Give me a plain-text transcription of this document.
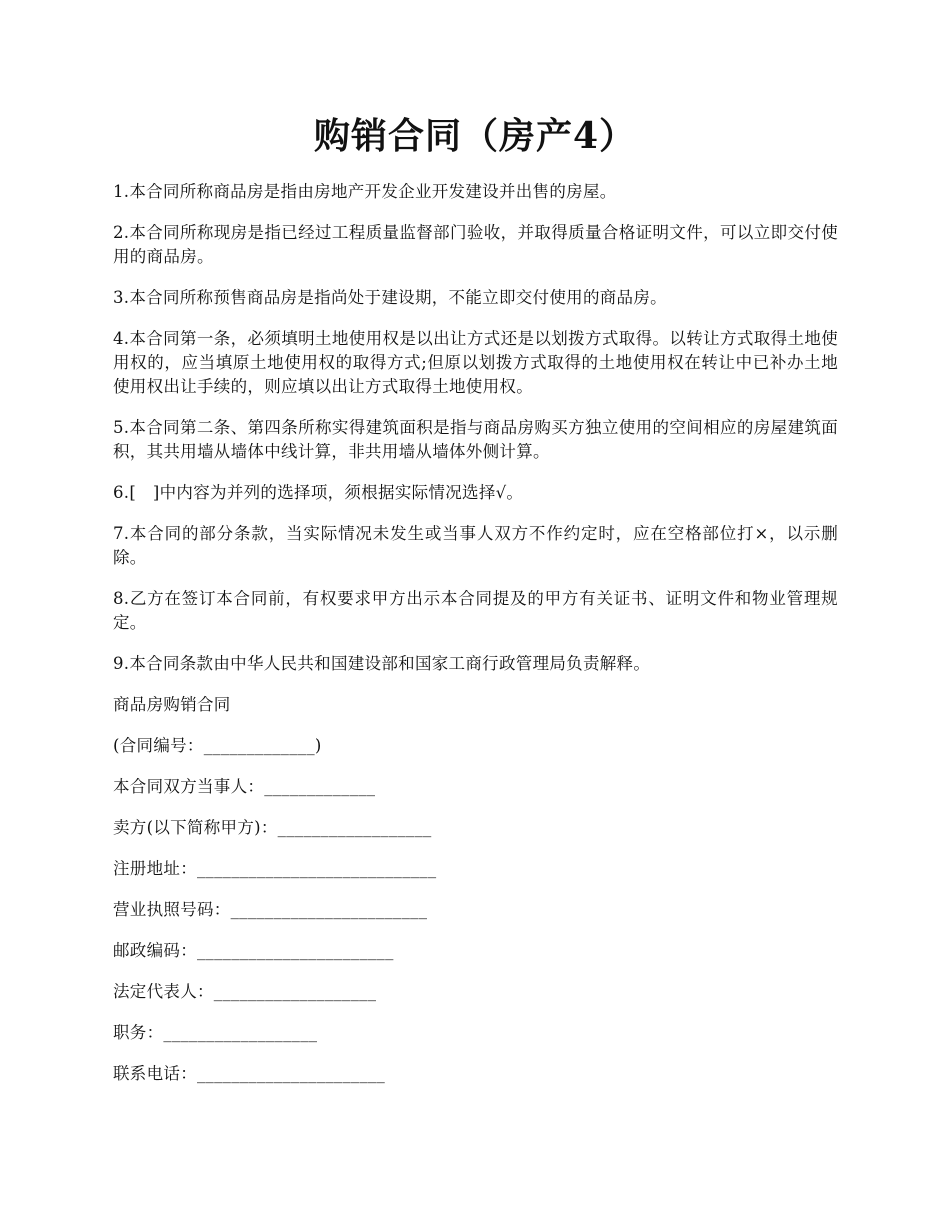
购销合同（房产4）

1.本合同所称商品房是指由房地产开发企业开发建设并出售的房屋。

2.本合同所称现房是指已经过工程质量监督部门验收，并取得质量合格证明文件，可以立即交付使用的商品房。

3.本合同所称预售商品房是指尚处于建设期，不能立即交付使用的商品房。

4.本合同第一条，必须填明土地使用权是以出让方式还是以划拨方式取得。以转让方式取得土地使用权的，应当填原土地使用权的取得方式;但原以划拨方式取得的土地使用权在转让中已补办土地使用权出让手续的，则应填以出让方式取得土地使用权。

5.本合同第二条、第四条所称实得建筑面积是指与商品房购买方独立使用的空间相应的房屋建筑面积，其共用墙从墙体中线计算，非共用墙从墙体外侧计算。

6.[　]中内容为并列的选择项，须根据实际情况选择√。

7.本合同的部分条款，当实际情况未发生或当事人双方不作约定时，应在空格部位打×，以示删除。

8.乙方在签订本合同前，有权要求甲方出示本合同提及的甲方有关证书、证明文件和物业管理规定。

9.本合同条款由中华人民共和国建设部和国家工商行政管理局负责解释。

商品房购销合同

(合同编号：_____________)

本合同双方当事人：_____________

卖方(以下简称甲方)：__________________

注册地址：____________________________

营业执照号码：_______________________

邮政编码：_______________________

法定代表人：___________________

职务：__________________

联系电话：______________________
